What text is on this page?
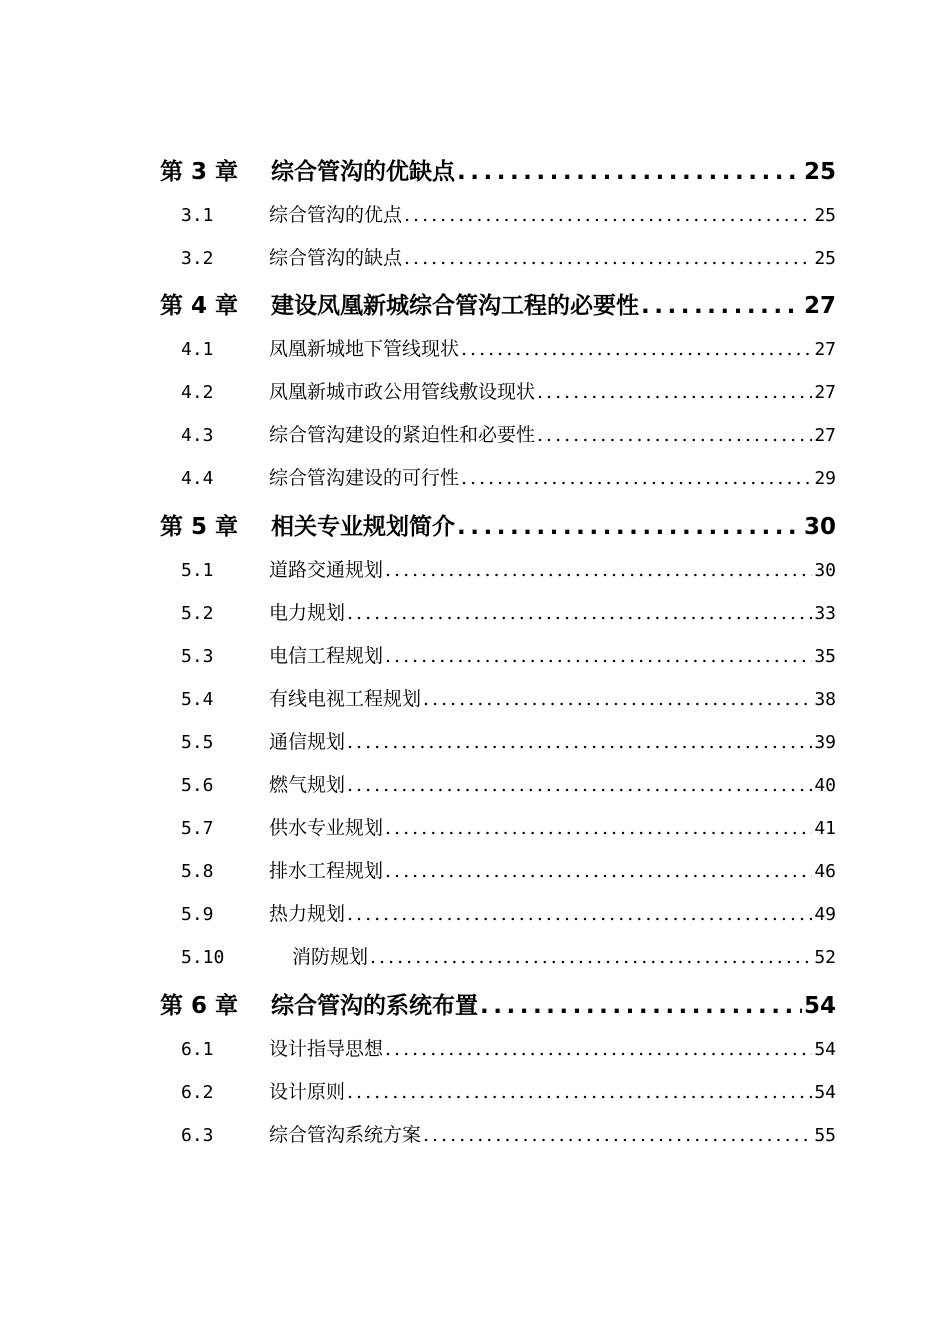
第 3 章	综合管沟的优缺点 .....	25
3.1	综合管沟的优点 .....	25
3.2	综合管沟的缺点 .....	25
第 4 章	建设凤凰新城综合管沟工程的必要性 .....	27
4.1	凤凰新城地下管线现状 .....	27
4.2	凤凰新城市政公用管线敷设现状 .....	27
4.3	综合管沟建设的紧迫性和必要性 .....	27
4.4	综合管沟建设的可行性 .....	29
第 5 章	相关专业规划简介 .....	30
5.1	道路交通规划 .....	30
5.2	电力规划 .....	33
5.3	电信工程规划 .....	35
5.4	有线电视工程规划 .....	38
5.5	通信规划 .....	39
5.6	燃气规划 .....	40
5.7	供水专业规划 .....	41
5.8	排水工程规划 .....	46
5.9	热力规划 .....	49
5.10	消防规划 .....	52
第 6 章	综合管沟的系统布置 .....	54
6.1	设计指导思想 .....	54
6.2	设计原则 .....	54
6.3	综合管沟系统方案 .....	55
